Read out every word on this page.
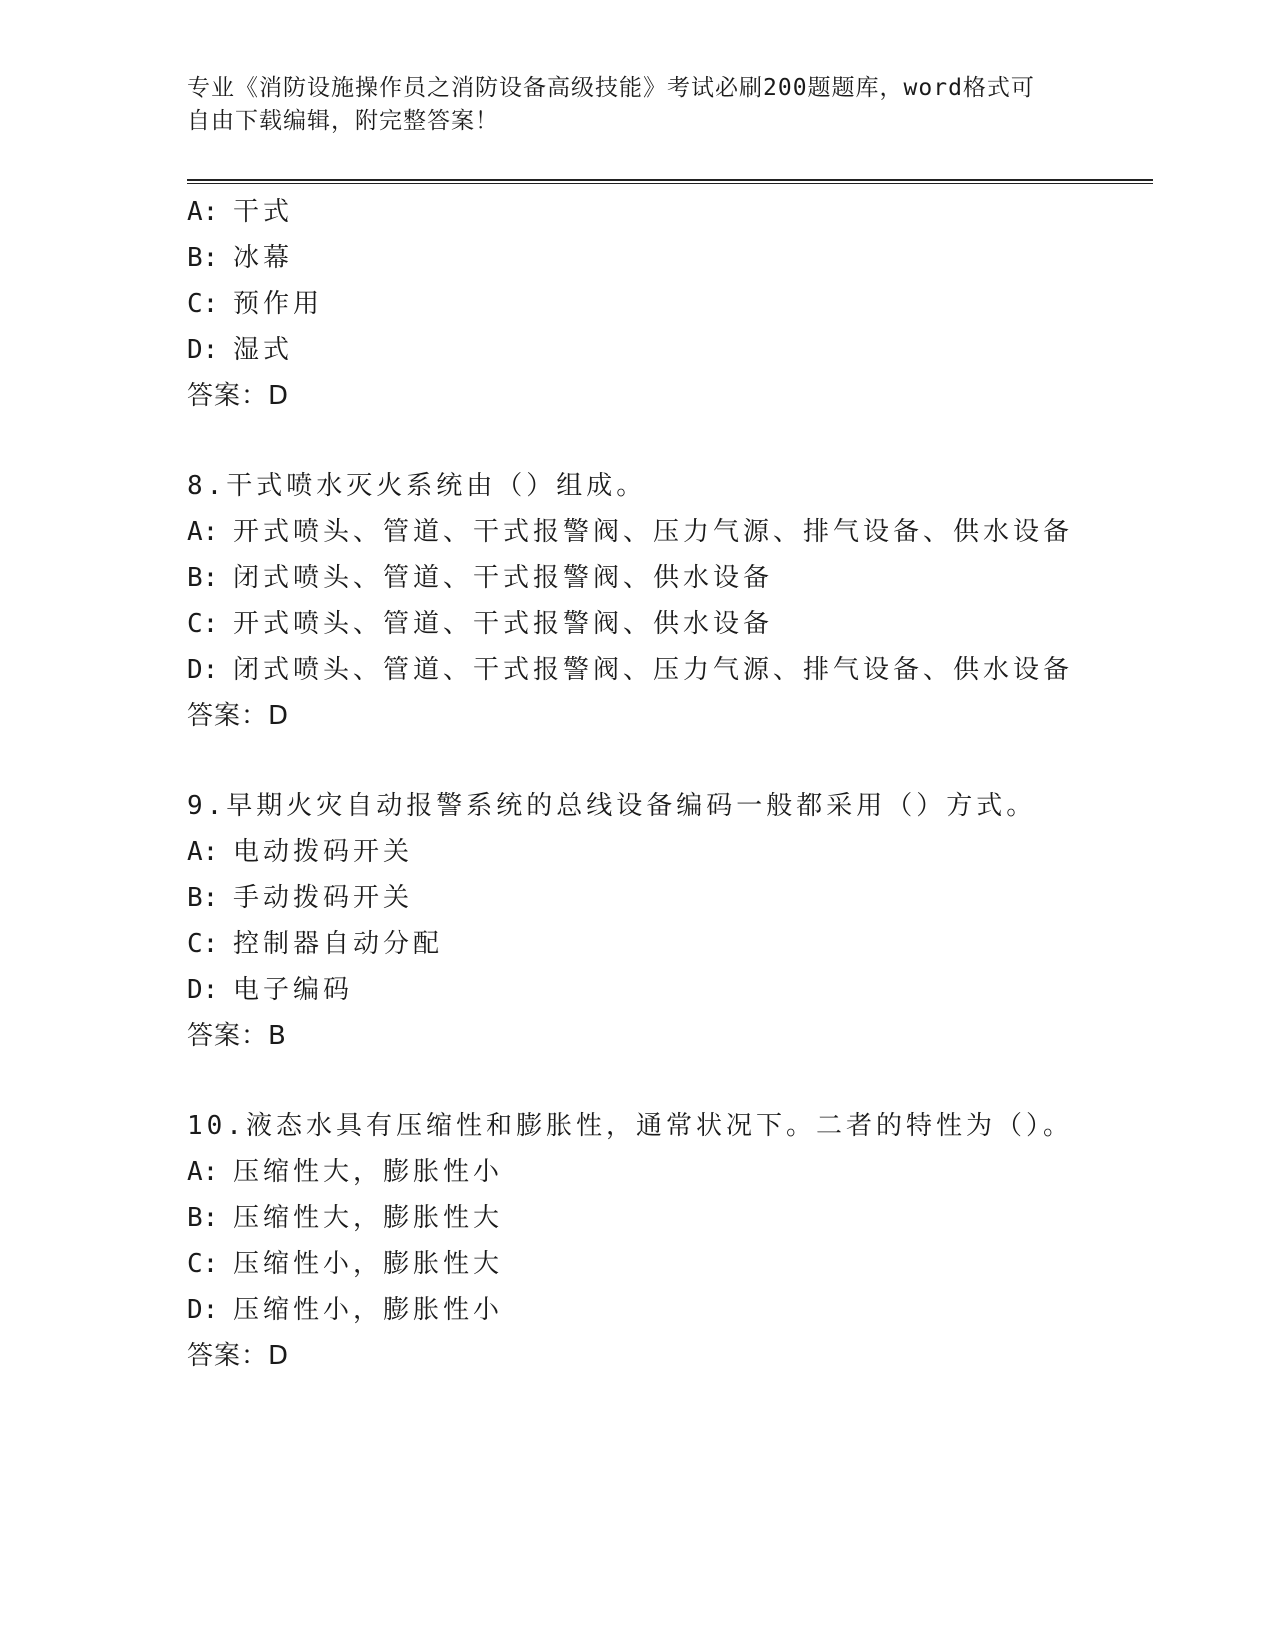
专业《消防设施操作员之消防设备高级技能》考试必刷200题题库，word格式可
自由下载编辑，附完整答案！
A: 干式
B: 冰幕
C: 预作用
D: 湿式
答案：D
8.干式喷水灭火系统由（）组成。
A: 开式喷头、管道、干式报警阀、压力气源、排气设备、供水设备
B: 闭式喷头、管道、干式报警阀、供水设备
C: 开式喷头、管道、干式报警阀、供水设备
D: 闭式喷头、管道、干式报警阀、压力气源、排气设备、供水设备
答案：D
9.早期火灾自动报警系统的总线设备编码一般都采用（）方式。
A: 电动拨码开关
B: 手动拨码开关
C: 控制器自动分配
D: 电子编码
答案：B
10.液态水具有压缩性和膨胀性，通常状况下。二者的特性为（）。
A: 压缩性大，膨胀性小
B: 压缩性大，膨胀性大
C: 压缩性小，膨胀性大
D: 压缩性小，膨胀性小
答案：D
